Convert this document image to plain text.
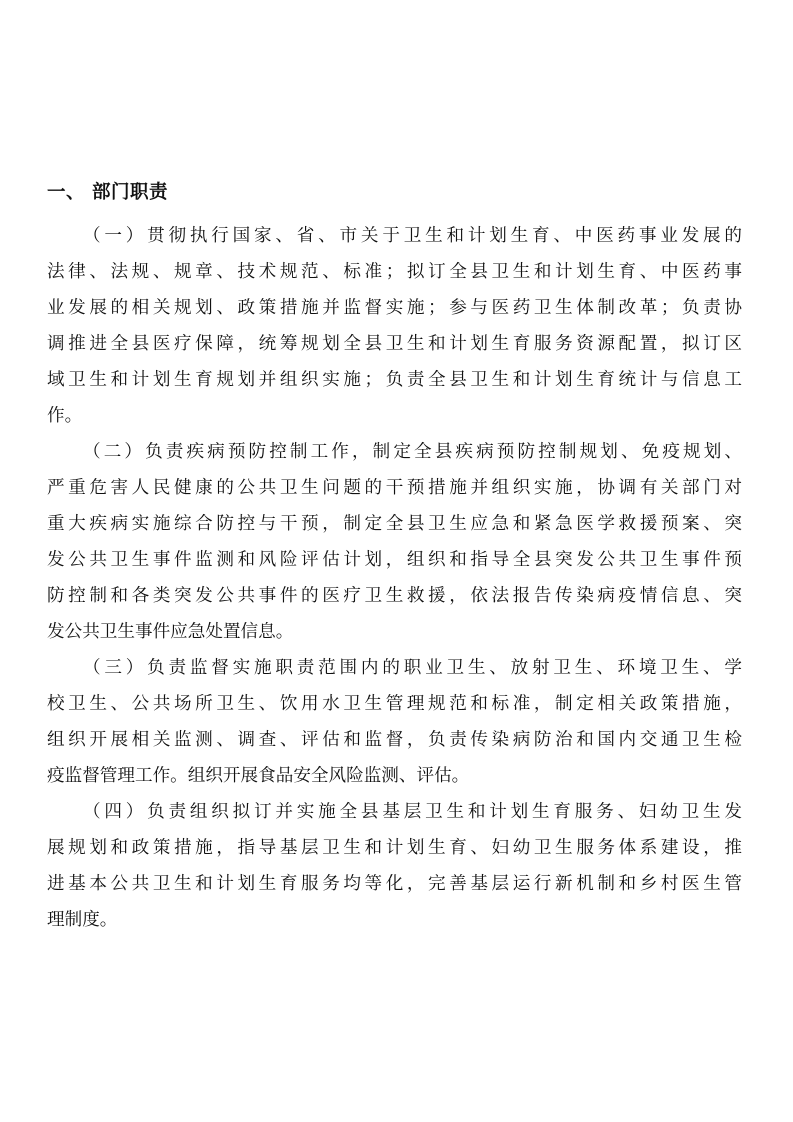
一、 部门职责
（一）贯彻执行国家、省、市关于卫生和计划生育、中医药事业发展的
法律、法规、规章、技术规范、标准；拟订全县卫生和计划生育、中医药事
业发展的相关规划、政策措施并监督实施；参与医药卫生体制改革；负责协
调推进全县医疗保障，统筹规划全县卫生和计划生育服务资源配置，拟订区
域卫生和计划生育规划并组织实施；负责全县卫生和计划生育统计与信息工
作。
（二）负责疾病预防控制工作，制定全县疾病预防控制规划、免疫规划、
严重危害人民健康的公共卫生问题的干预措施并组织实施，协调有关部门对
重大疾病实施综合防控与干预，制定全县卫生应急和紧急医学救援预案、突
发公共卫生事件监测和风险评估计划，组织和指导全县突发公共卫生事件预
防控制和各类突发公共事件的医疗卫生救援，依法报告传染病疫情信息、突
发公共卫生事件应急处置信息。
（三）负责监督实施职责范围内的职业卫生、放射卫生、环境卫生、学
校卫生、公共场所卫生、饮用水卫生管理规范和标准，制定相关政策措施，
组织开展相关监测、调查、评估和监督，负责传染病防治和国内交通卫生检
疫监督管理工作。组织开展食品安全风险监测、评估。
（四）负责组织拟订并实施全县基层卫生和计划生育服务、妇幼卫生发
展规划和政策措施，指导基层卫生和计划生育、妇幼卫生服务体系建设，推
进基本公共卫生和计划生育服务均等化，完善基层运行新机制和乡村医生管
理制度。
